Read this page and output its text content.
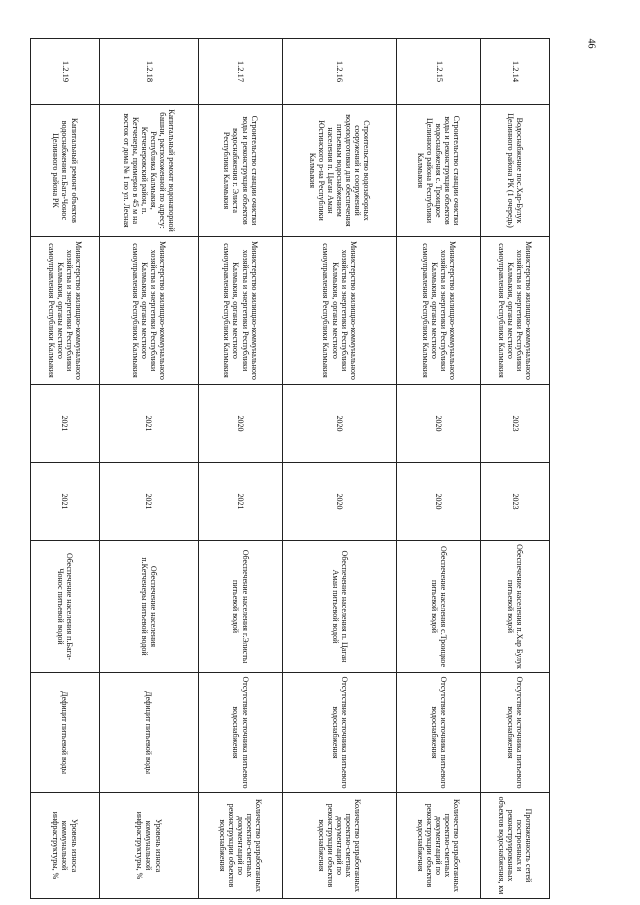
46
1.2.14	Водоснабжение пос.Хар-Булук Целинного района РК (1 очередь)	Министерство жилищно-коммунального хозяйства и энергетики Республики Калмыкия, органы местного самоуправления Республики Калмыкия	2023	2023	Обеспечение населения п.Хар Булук питьевой водой	Отсутствие источника питьевого водоснабжения	Протяженность сетей построенных и реконструированных объектов водоснабжения, км
1.2.15	Строительство станции очистки воды и реконструкция объектов водоснабжения с. Троицкое Целинного района Республики Калмыкия	Министерство жилищно-коммунального хозяйства и энергетики Республики Калмыкия, органы местного самоуправления Республики Калмыкия	2020	2020	Обеспечение населения с.Троицкое питьевой водой	Отсутствие источника питьевого водоснабжения	Количество разработанных проектно-сметных документаций по реконструкции объектов водоснабжения
1.2.16	Строительство водозаборных сооружений и сооружений водоподготовки для обеспечения питьевым водоснабжением населения п. Цаган Аман Юстинского р-на Республики Калмыкия	Министерство жилищно-коммунального хозяйства и энергетики Республики Калмыкия, органы местного самоуправления Республики Калмыкия	2020	2020	Обеспечение населения п. Цаган Аман питьевой водой	Отсутствие источника питьевого водоснабжения	Количество разработанных проектно-сметных документаций по реконструкции объектов водоснабжения
1.2.17	Строительство станции очистки воды и реконструкция объектов водоснабжения г. Элиста Республики Калмыкия	Министерство жилищно-коммунального хозяйства и энергетики Республики Калмыкия, органы местного самоуправления Республики Калмыкия	2020	2021	Обеспечение населения г.Элисты питьевой водой	Отсутствие источника питьевого водоснабжения	Количество разработанных проектно-сметных документаций по реконструкции объектов водоснабжения
1.2.18	Капитальный ремонт водонапорной башни, расположенной по адресу: Республика Калмыкия, Кетченеровский район, п. Кетченеры, примерно в 45 м на восток от дома № 1 по ул. Лесная	Министерство жилищно-коммунального хозяйства и энергетики Республики Калмыкия, органы местного самоуправления Республики Калмыкия	2021	2021	Обеспечение населения п.Кетченеры питьевой водой	Дефицит питьевой воды	Уровень износа коммунальной инфраструктуры, %
1.2.19	Капитальный ремонт объектов водоснабжения п.Бага-Чонос Целинного района РК	Министерство жилищно-коммунального хозяйства и энергетики Республики Калмыкия, органы местного самоуправления Республики Калмыкия	2021	2021	Обеспечение населения п.Бага-Чонос питьевой водой	Дефицит питьевой воды	Уровень износа коммунальной инфраструктуры, %
